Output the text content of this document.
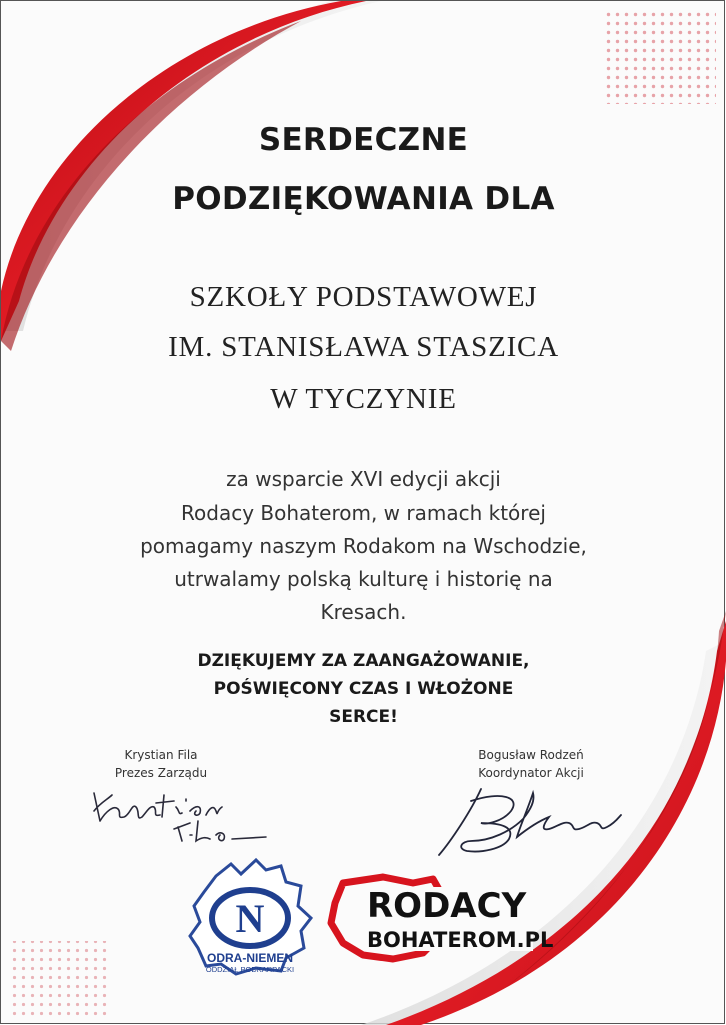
SERDECZNE

PODZIĘKOWANIA DLA

SZKOŁY PODSTAWOWEJ

IM. STANISŁAWA STASZICA

W TYCZYNIE

za wsparcie XVI edycji akcji

Rodacy Bohaterom, w ramach której

pomagamy naszym Rodakom na Wschodzie,

utrwalamy polską kulturę i historię na

Kresach.

DZIĘKUJEMY ZA ZAANGAŻOWANIE,

POŚWIĘCONY CZAS I WŁOŻONE

SERCE!

Krystian Fila
Prezes Zarządu
Bogusław Rodzeń
Koordynator Akcji
N
ODRA-NIEMEN
ODDZIAŁ PODKARPACKI
RODACY
BOHATEROM.PL
